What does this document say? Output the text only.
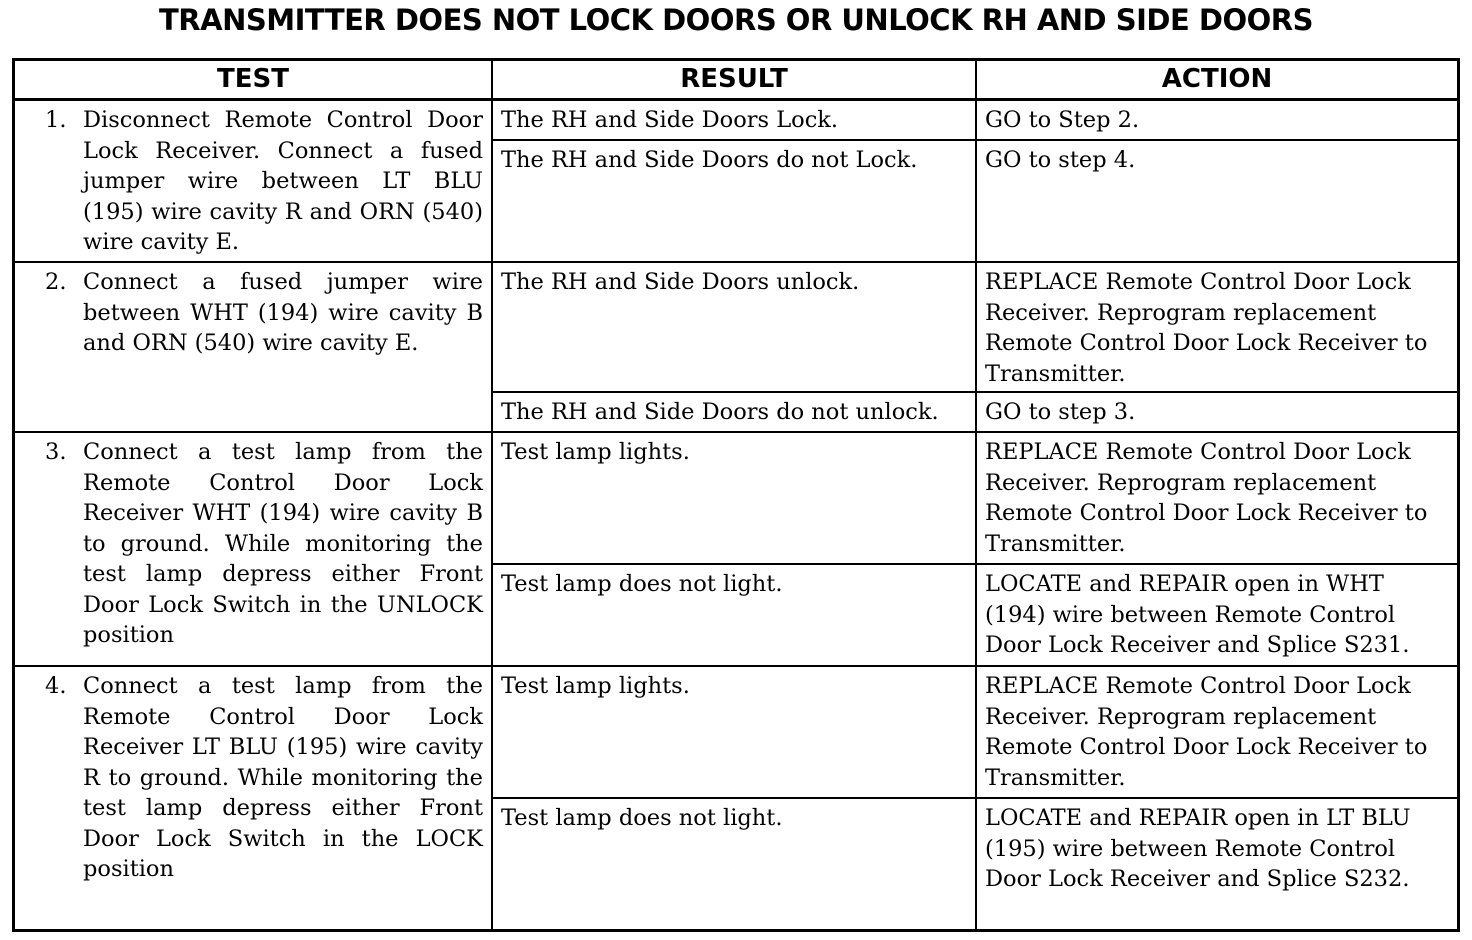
TRANSMITTER DOES NOT LOCK DOORS OR UNLOCK RH AND SIDE DOORS
TEST	RESULT	ACTION
1. Disconnect Remote Control Door Lock Receiver. Connect a fused jumper wire between LT BLU (195) wire cavity R and ORN (540) wire cavity E.
The RH and Side Doors Lock.	GO to Step 2.
The RH and Side Doors do not Lock.	GO to step 4.
2. Connect a fused jumper wire between WHT (194) wire cavity B and ORN (540) wire cavity E.
The RH and Side Doors unlock.	REPLACE Remote Control Door Lock Receiver. Reprogram replacement Remote Control Door Lock Receiver to Transmitter.
The RH and Side Doors do not unlock.	GO to step 3.
3. Connect a test lamp from the Remote Control Door Lock Receiver WHT (194) wire cavity B to ground. While monitoring the test lamp depress either Front Door Lock Switch in the UNLOCK position
Test lamp lights.	REPLACE Remote Control Door Lock Receiver. Reprogram replacement Remote Control Door Lock Receiver to Transmitter.
Test lamp does not light.	LOCATE and REPAIR open in WHT (194) wire between Remote Control Door Lock Receiver and Splice S231.
4. Connect a test lamp from the Remote Control Door Lock Receiver LT BLU (195) wire cavity R to ground. While monitoring the test lamp depress either Front Door Lock Switch in the LOCK position
Test lamp lights.	REPLACE Remote Control Door Lock Receiver. Reprogram replacement Remote Control Door Lock Receiver to Transmitter.
Test lamp does not light.	LOCATE and REPAIR open in LT BLU (195) wire between Remote Control Door Lock Receiver and Splice S232.
